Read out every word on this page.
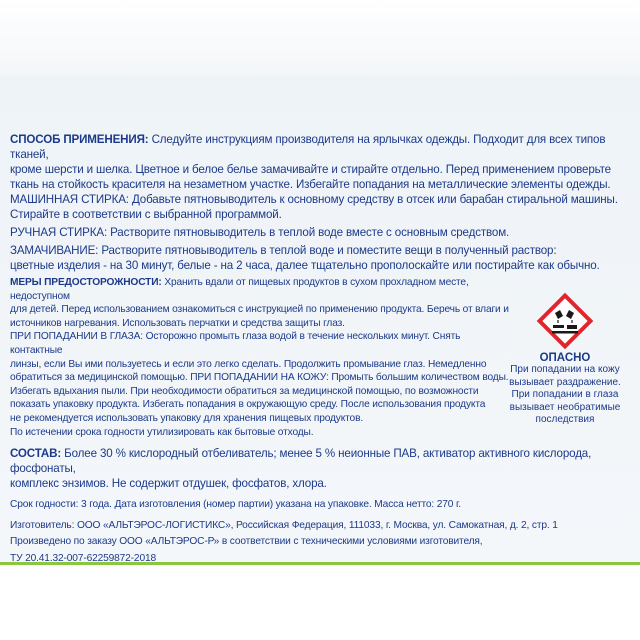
СПОСОБ ПРИМЕНЕНИЯ: Следуйте инструкциям производителя на ярлычках одежды. Подходит для всех типов тканей,
кроме шерсти и шелка. Цветное и белое белье замачивайте и стирайте отдельно. Перед применением проверьте
ткань на стойкость красителя на незаметном участке. Избегайте попадания на металлические элементы одежды.

МАШИННАЯ СТИРКА: Добавьте пятновыводитель к основному средству в отсек или барабан стиральной машины.
Стирайте в соответствии с выбранной программой.

РУЧНАЯ СТИРКА: Растворите пятновыводитель в теплой воде вместе с основным средством.

ЗАМАЧИВАНИЕ: Растворите пятновыводитель в теплой воде и поместите вещи в полученный раствор:
цветные изделия - на 30 минут, белые - на 2 часа, далее тщательно прополоскайте или постирайте как обычно.

МЕРЫ ПРЕДОСТОРОЖНОСТИ: Хранить вдали от пищевых продуктов в сухом прохладном месте, недоступном
для детей. Перед использованием ознакомиться с инструкцией по применению продукта. Беречь от влаги и
источников нагревания. Использовать перчатки и средства защиты глаз.
ПРИ ПОПАДАНИИ В ГЛАЗА: Осторожно промыть глаза водой в течение нескольких минут. Снять контактные
линзы, если Вы ими пользуетесь и если это легко сделать. Продолжить промывание глаз. Немедленно
обратиться за медицинской помощью. ПРИ ПОПАДАНИИ НА КОЖУ: Промыть большим количеством воды.
Избегать вдыхания пыли. При необходимости обратиться за медицинской помощью, по возможности
показать упаковку продукта. Избегать попадания в окружающую среду. После использования продукта
не рекомендуется использовать упаковку для хранения пищевых продуктов.
По истечении срока годности утилизировать как бытовые отходы.

СОСТАВ: Более 30 % кислородный отбеливатель; менее 5 % неионные ПАВ, активатор активного кислорода, фосфонаты,
комплекс энзимов. Не содержит отдушек, фосфатов, хлора.

Срок годности: 3 года. Дата изготовления (номер партии) указана на упаковке. Масса нетто: 270 г.

Изготовитель: ООО «АЛЬТЭРОС-ЛОГИСТИКС», Российская Федерация, 111033, г. Москва, ул. Самокатная, д. 2, стр. 1

Произведено по заказу ООО «АЛЬТЭРОС-Р» в соответствии с техническими условиями изготовителя,

ТУ 20.41.32-007-62259872-2018

ОПАСНО
При попадании на кожу
вызывает раздражение.
При попадании в глаза
вызывает необратимые
последствия
